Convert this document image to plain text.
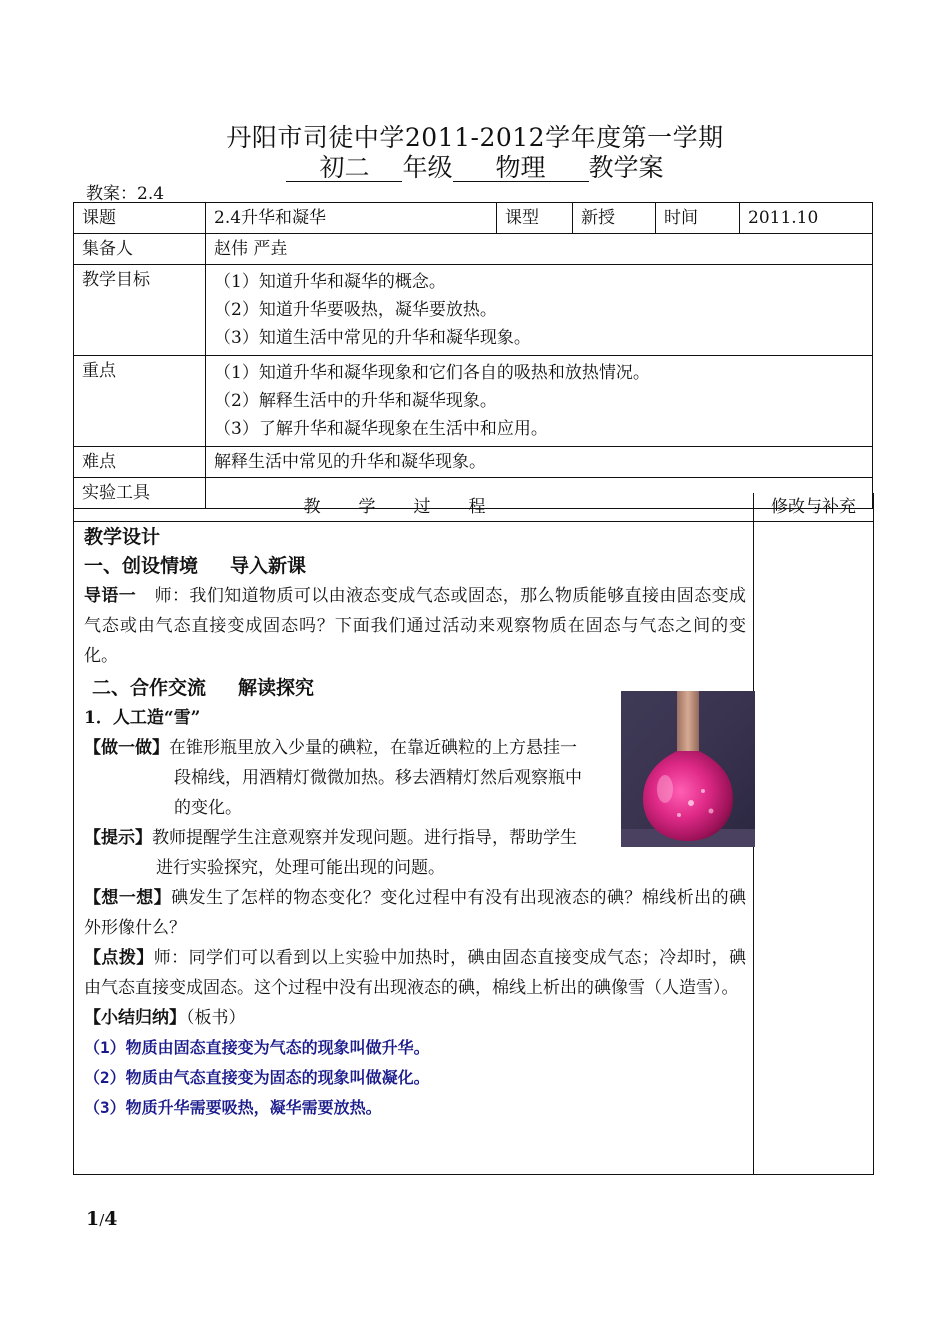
丹阳市司徒中学2011-2012学年度第一学期
初二 年级 物理 教学案
教案：2.4
课题	2.4升华和凝华	课型	新授	时间	2011.10
集备人	赵伟 严垚				
教学目标	（1）知道升华和凝华的概念。
（2）知道升华要吸热，凝华要放热。
（3）知道生活中常见的升华和凝华现象。				

重点	（1）知道升华和凝华现象和它们各自的吸热和放热情况。
（2）解释生活中的升华和凝华现象。
（3）了解升华和凝华现象在生活中和应用。				

难点	解释生活中常见的升华和凝华现象。				
实验工具					
教学过程	修改与补充
教学设计
一、创设情境 导入新课
导语一 师：我们知道物质可以由液态变成气态或固态，那么物质能够直接由固态变成气态或由气态直接变成固态吗？下面我们通过活动来观察物质在固态与气态之间的变化。
二、合作交流 解读探究
1．人工造“雪”
【做一做】在锥形瓶里放入少量的碘粒，在靠近碘粒的上方悬挂一
段棉线，用酒精灯微微加热。移去酒精灯然后观察瓶中
的变化。
【提示】教师提醒学生注意观察并发现问题。进行指导，帮助学生
进行实验探究，处理可能出现的问题。
【想一想】碘发生了怎样的物态变化？变化过程中有没有出现液态的碘？棉线析出的碘外形像什么？
【点拨】师：同学们可以看到以上实验中加热时，碘由固态直接变成气态；冷却时，碘由气态直接变成固态。这个过程中没有出现液态的碘，棉线上析出的碘像雪（人造雪）。
【小结归纳】（板书）
（1）物质由固态直接变为气态的现象叫做升华。
（2）物质由气态直接变为固态的现象叫做凝化。
（3）物质升华需要吸热，凝华需要放热。
1/4
